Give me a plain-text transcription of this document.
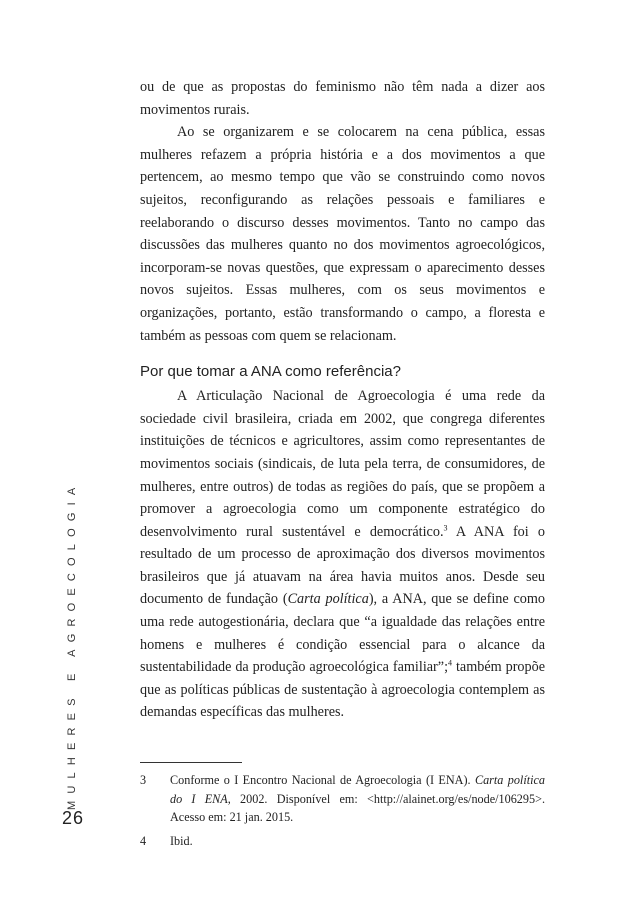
MULHERES E AGROECOLOGIA
26

ou de que as propostas do feminismo não têm nada a dizer aos movimentos rurais.

Ao se organizarem e se colocarem na cena pública, essas mulheres refazem a própria história e a dos movimentos a que pertencem, ao mesmo tempo que vão se construindo como novos sujeitos, reconfigurando as relações pessoais e familiares e reelaborando o discurso desses movimentos. Tanto no campo das discussões das mulheres quanto no dos movimentos agroecológicos, incorporam-se novas questões, que expressam o aparecimento desses novos sujeitos. Essas mulheres, com os seus movimentos e organizações, portanto, estão transformando o campo, a floresta e também as pessoas com quem se relacionam.

Por que tomar a ANA como referência?

A Articulação Nacional de Agroecologia é uma rede da sociedade civil brasileira, criada em 2002, que congrega diferentes instituições de técnicos e agricultores, assim como representantes de movimentos sociais (sindicais, de luta pela terra, de consumidores, de mulheres, entre outros) de todas as regiões do país, que se propõem a promover a agroecologia como um componente estratégico do desenvolvimento rural sustentável e democrático.$^3$ A ANA foi o resultado de um processo de aproximação dos diversos movimentos brasileiros que já atuavam na área havia muitos anos. Desde seu documento de fundação (Carta política), a ANA, que se define como uma rede autogestionária, declara que “a igualdade das relações entre homens e mulheres é condição essencial para o alcance da sustentabilidade da produção agroecológica familiar”;$^4$ também propõe que as políticas públicas de sustentação à agroecologia contemplem as demandas específicas das mulheres.

3	Conforme o I Encontro Nacional de Agroecologia (I ENA). Carta política do I ENA, 2002. Disponível em: <http://alainet.org/es/node/106295>. Acesso em: 21 jan. 2015.
4	Ibid.
